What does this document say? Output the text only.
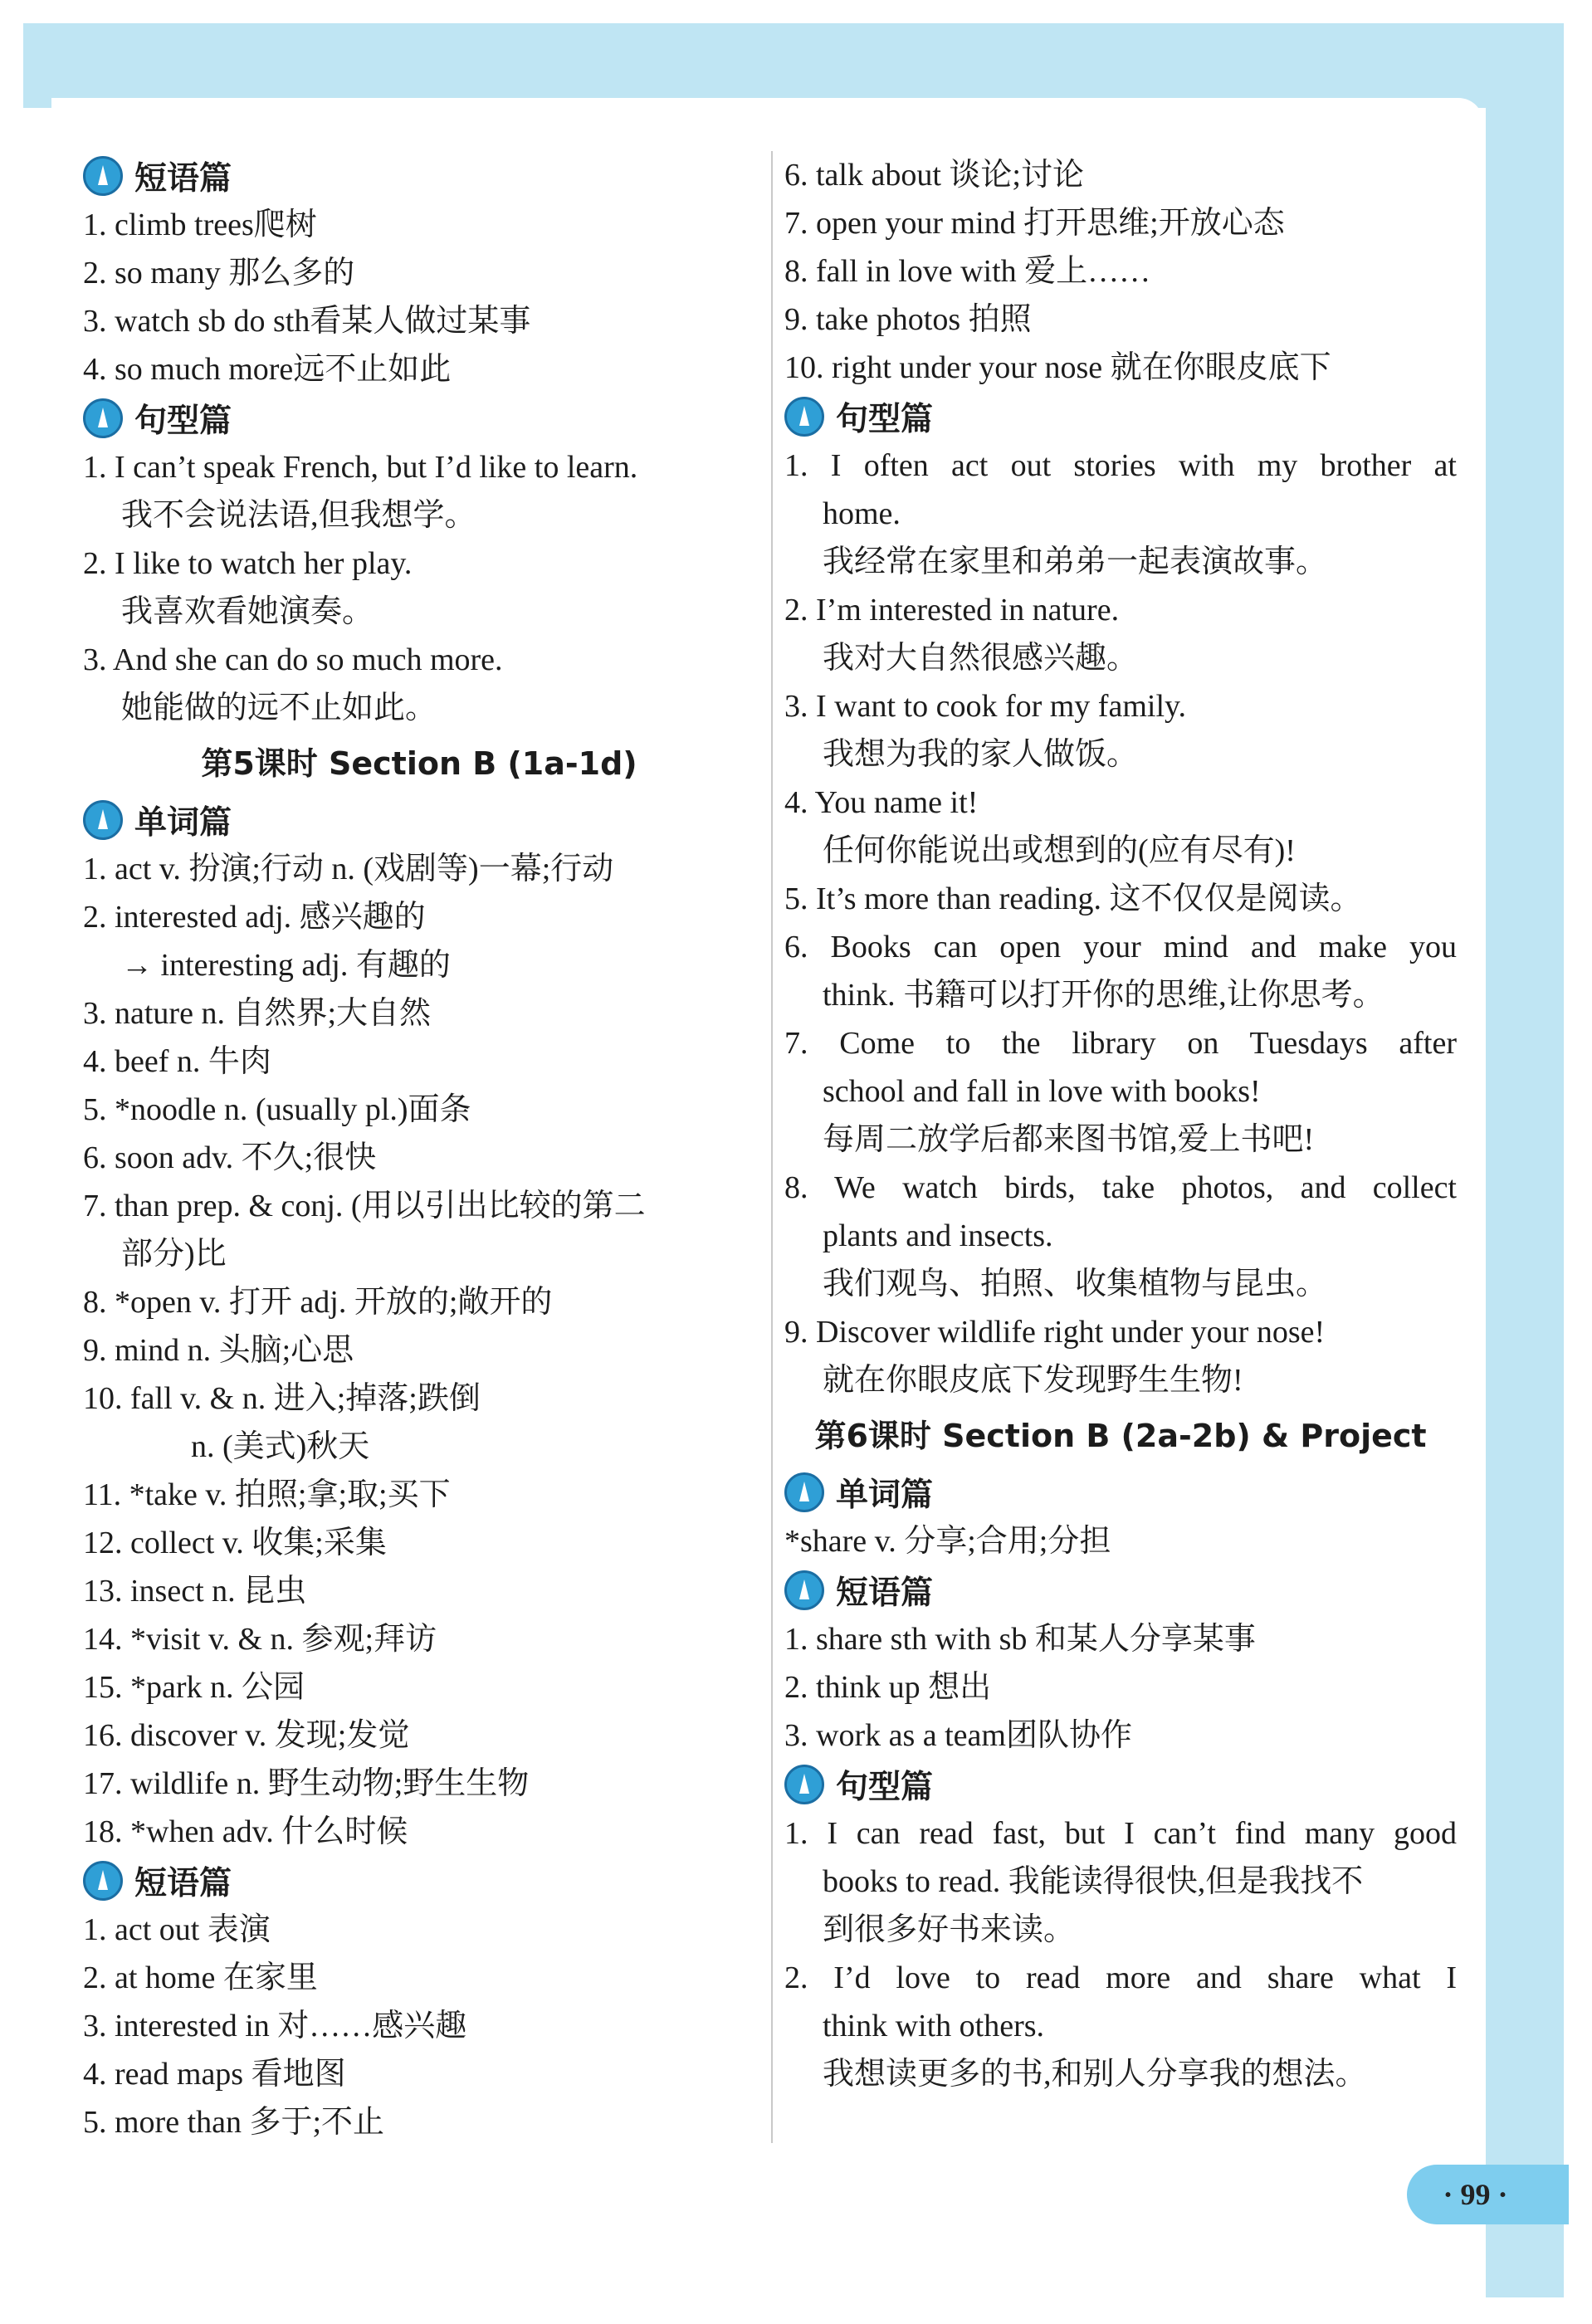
短语篇
1. climb trees爬树
2. so many 那么多的
3. watch sb do sth看某人做过某事
4. so much more远不止如此
句型篇
1. I can’t speak French, but I’d like to learn.
我不会说法语,但我想学。
2. I like to watch her play.
我喜欢看她演奏。
3. And she can do so much more.
她能做的远不止如此。
第5课时 Section B (1a-1d)
单词篇
1. act v. 扮演;行动 n. (戏剧等)一幕;行动
2. interested adj. 感兴趣的
→ interesting adj. 有趣的
3. nature n. 自然界;大自然
4. beef n. 牛肉
5. *noodle n. (usually pl.)面条
6. soon adv. 不久;很快
7. than prep. & conj. (用以引出比较的第二
部分)比
8. *open v. 打开 adj. 开放的;敞开的
9. mind n. 头脑;心思
10. fall v. & n. 进入;掉落;跌倒
n. (美式)秋天
11. *take v. 拍照;拿;取;买下
12. collect v. 收集;采集
13. insect n. 昆虫
14. *visit v. & n. 参观;拜访
15. *park n. 公园
16. discover v. 发现;发觉
17. wildlife n. 野生动物;野生生物
18. *when adv. 什么时候
短语篇
1. act out 表演
2. at home 在家里
3. interested in 对……感兴趣
4. read maps 看地图
5. more than 多于;不止
6. talk about 谈论;讨论
7. open your mind 打开思维;开放心态
8. fall in love with 爱上……
9. take photos 拍照
10. right under your nose 就在你眼皮底下
句型篇
1. I often act out stories with my brother at
home.
我经常在家里和弟弟一起表演故事。
2. I’m interested in nature.
我对大自然很感兴趣。
3. I want to cook for my family.
我想为我的家人做饭。
4. You name it!
任何你能说出或想到的(应有尽有)!
5. It’s more than reading. 这不仅仅是阅读。
6. Books can open your mind and make you
think. 书籍可以打开你的思维,让你思考。
7. Come to the library on Tuesdays after
school and fall in love with books!
每周二放学后都来图书馆,爱上书吧!
8. We watch birds, take photos, and collect
plants and insects.
我们观鸟、拍照、收集植物与昆虫。
9. Discover wildlife right under your nose!
就在你眼皮底下发现野生生物!
第6课时 Section B (2a-2b) & Project
单词篇
*share v. 分享;合用;分担
短语篇
1. share sth with sb 和某人分享某事
2. think up 想出
3. work as a team团队协作
句型篇
1. I can read fast, but I can’t find many good
books to read. 我能读得很快,但是我找不
到很多好书来读。
2. I’d love to read more and share what I
think with others.
我想读更多的书,和别人分享我的想法。
· 99 ·
